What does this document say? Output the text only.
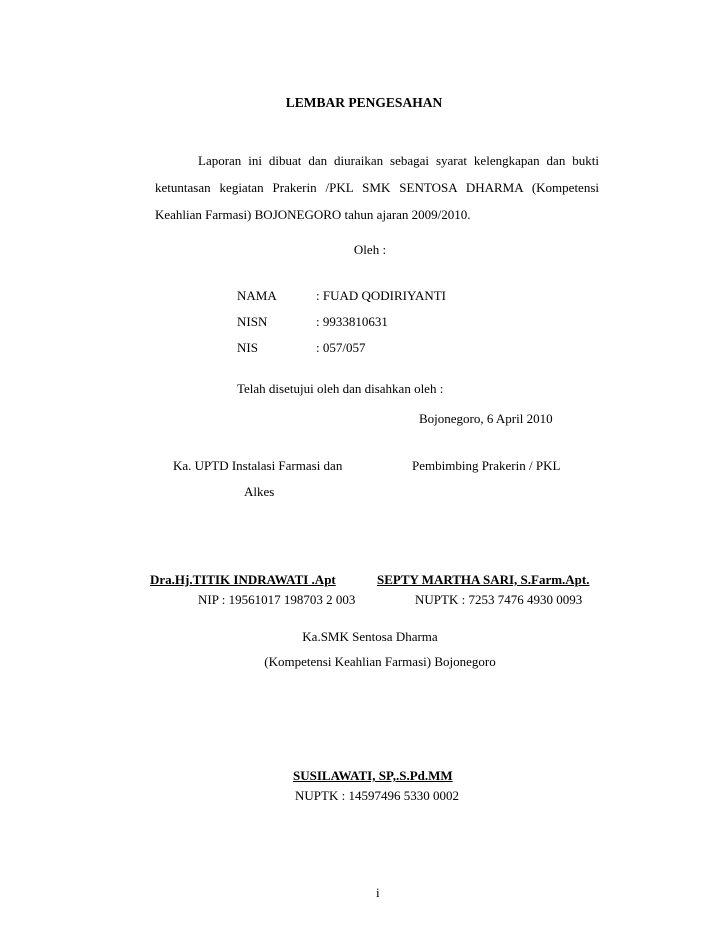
LEMBAR PENGESAHAN
Laporan ini dibuat dan diuraikan sebagai syarat kelengkapan dan bukti
ketuntasan kegiatan Prakerin /PKL SMK SENTOSA DHARMA (Kompetensi
Keahlian Farmasi) BOJONEGORO tahun ajaran 2009/2010.
Oleh :
NAMA	: FUAD QODIRIYANTI
NISN	: 9933810631
NIS	: 057/057
Telah disetujui oleh dan disahkan oleh :
Bojonegoro, 6 April 2010
Ka. UPTD Instalasi Farmasi dan
Alkes
Pembimbing Prakerin / PKL
Dra.Hj.TITIK INDRAWATI .Apt	SEPTY MARTHA SARI, S.Farm.Apt.
NIP : 19561017 198703 2 003	NUPTK : 7253 7476 4930 0093
Ka.SMK Sentosa Dharma
(Kompetensi Keahlian Farmasi) Bojonegoro
SUSILAWATI, SP,.S.Pd.MM
NUPTK : 14597496 5330 0002
i
